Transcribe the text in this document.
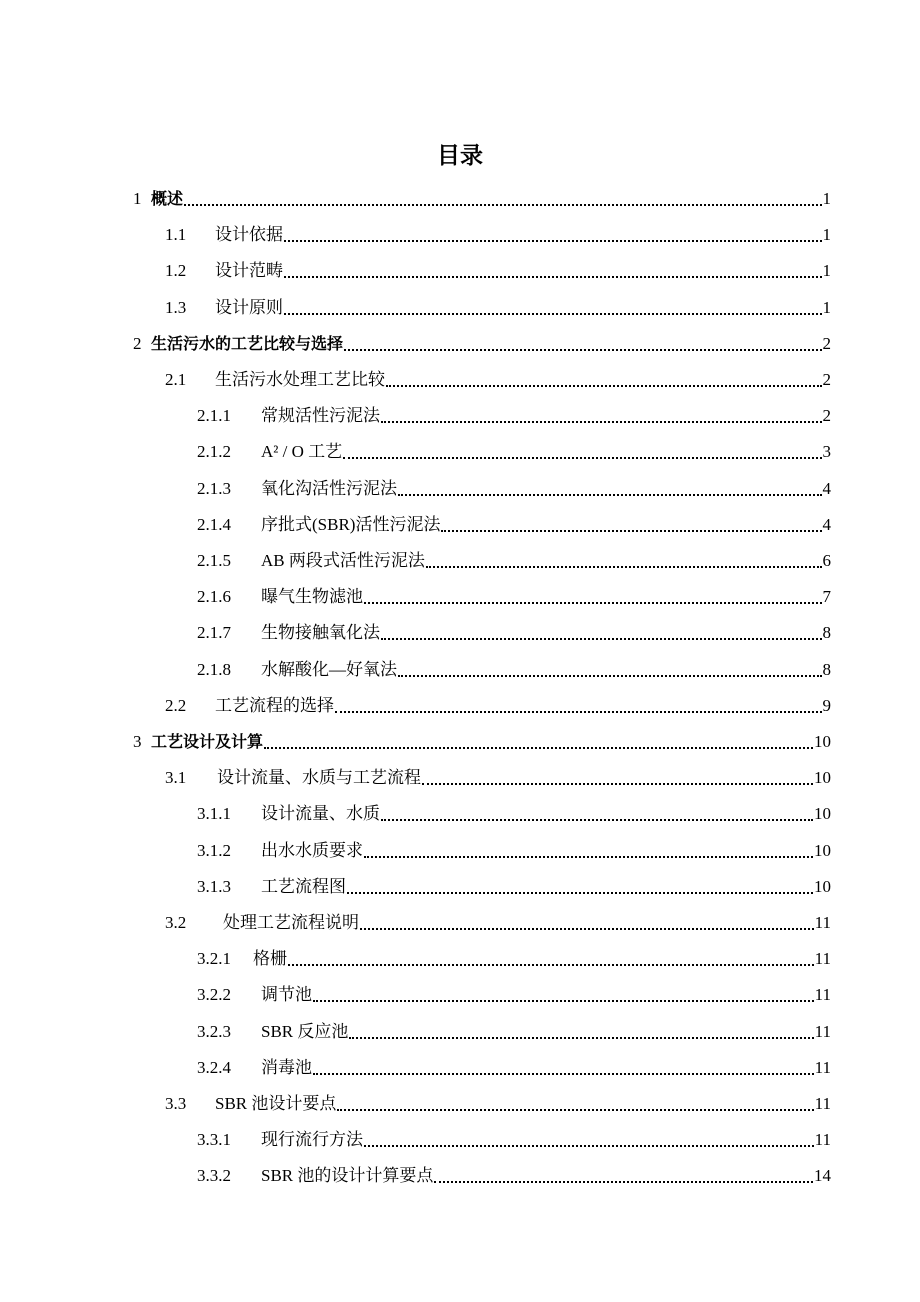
目录
1 概述	1
1.1	设计依据	1
1.2	设计范畴	1
1.3	设计原则	1
2 生活污水的工艺比较与选择	2
2.1	生活污水处理工艺比较	2
2.1.1	常规活性污泥法	2
2.1.2	A² / O 工艺	3
2.1.3	氧化沟活性污泥法	4
2.1.4	序批式(SBR)活性污泥法	4
2.1.5	AB 两段式活性污泥法	6
2.1.6	曝气生物滤池	7
2.1.7	生物接触氧化法	8
2.1.8	水解酸化—好氧法	8
2.2	工艺流程的选择	9
3 工艺设计及计算	10
3.1	设计流量、水质与工艺流程	10
3.1.1	设计流量、水质	10
3.1.2	出水水质要求	10
3.1.3	工艺流程图	10
3.2	处理工艺流程说明	11
3.2.1	格栅	11
3.2.2	调节池	11
3.2.3	SBR 反应池	11
3.2.4	消毒池	11
3.3	SBR 池设计要点	11
3.3.1	现行流行方法	11
3.3.2	SBR 池的设计计算要点	14
